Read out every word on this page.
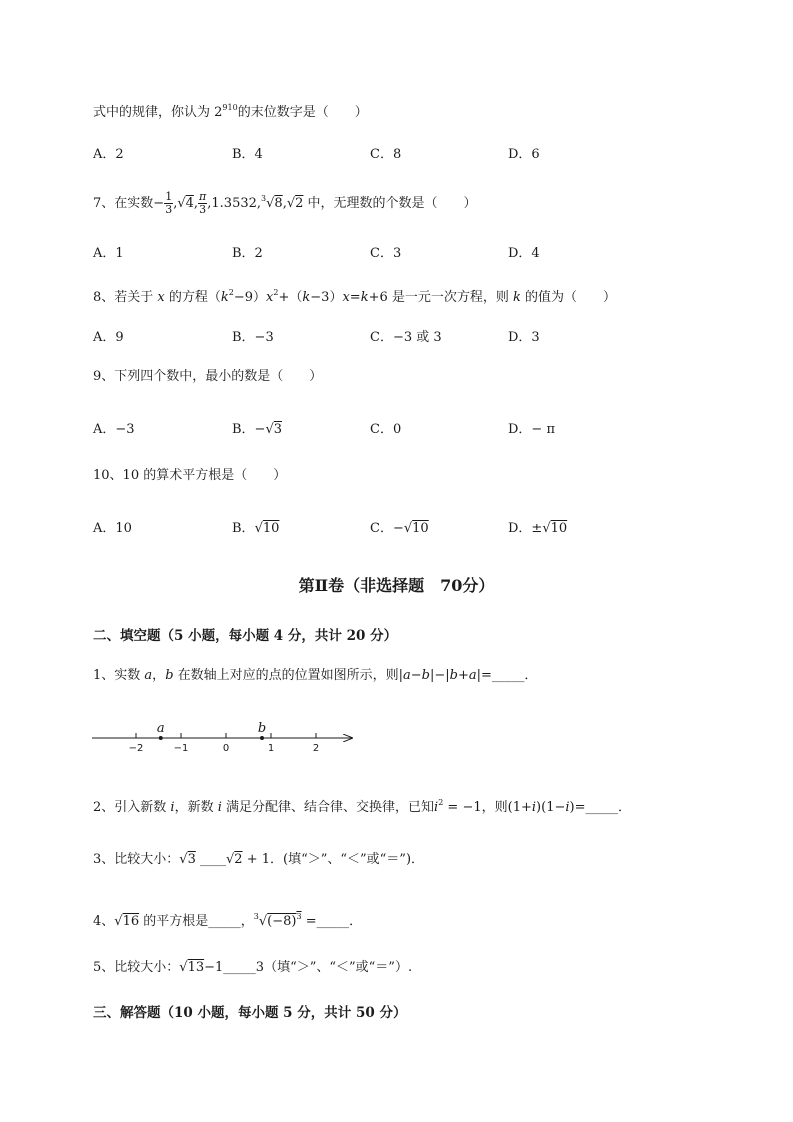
式中的规律，你认为 $2^{910}$的末位数字是（　　）
A．2	B．4	C．8	D．6
7、在实数− $\frac{1}{3} ,√4$, $\frac{\pi}{3} ,1.3532,^3√8,√2$ 中，无理数的个数是（　　）
A．1	B．2	C．3	D．4
8、若关于 x 的方程$(k^2-9)x^2+(k-3)x=k+6$ 是一元一次方程，则 k 的值为（　　）
A．9	B．−3	C．−3 或 3	D．3
9、下列四个数中，最小的数是（　　）
A．−3	B．−√3	C．0	D．− π
10、10 的算术平方根是（　　）
A．10	B．√10	C．−√10	D．±√10
第Ⅱ卷（非选择题　70分）
二、填空题（5 小题，每小题 4 分，共计 20 分）
1、实数 a，b 在数轴上对应的点的位置如图所示，则|a−b|−|b+a|=_____．
−2	−1	0	1	2
a	b
2、引入新数 i，新数 i 满足分配律、结合律、交换律，已知$i^2 = -1$，则(1+i)(1−i)=_____．
3、比较大小：√3 ____√2 + 1．(填“＞”、“＜”或“＝”)．
4、√16 的平方根是_____，$^3√(-8)^3$ =_____．
5、比较大小：√13−1_____3（填“＞”、“＜”或“＝”）.
三、解答题（10 小题，每小题 5 分，共计 50 分）
